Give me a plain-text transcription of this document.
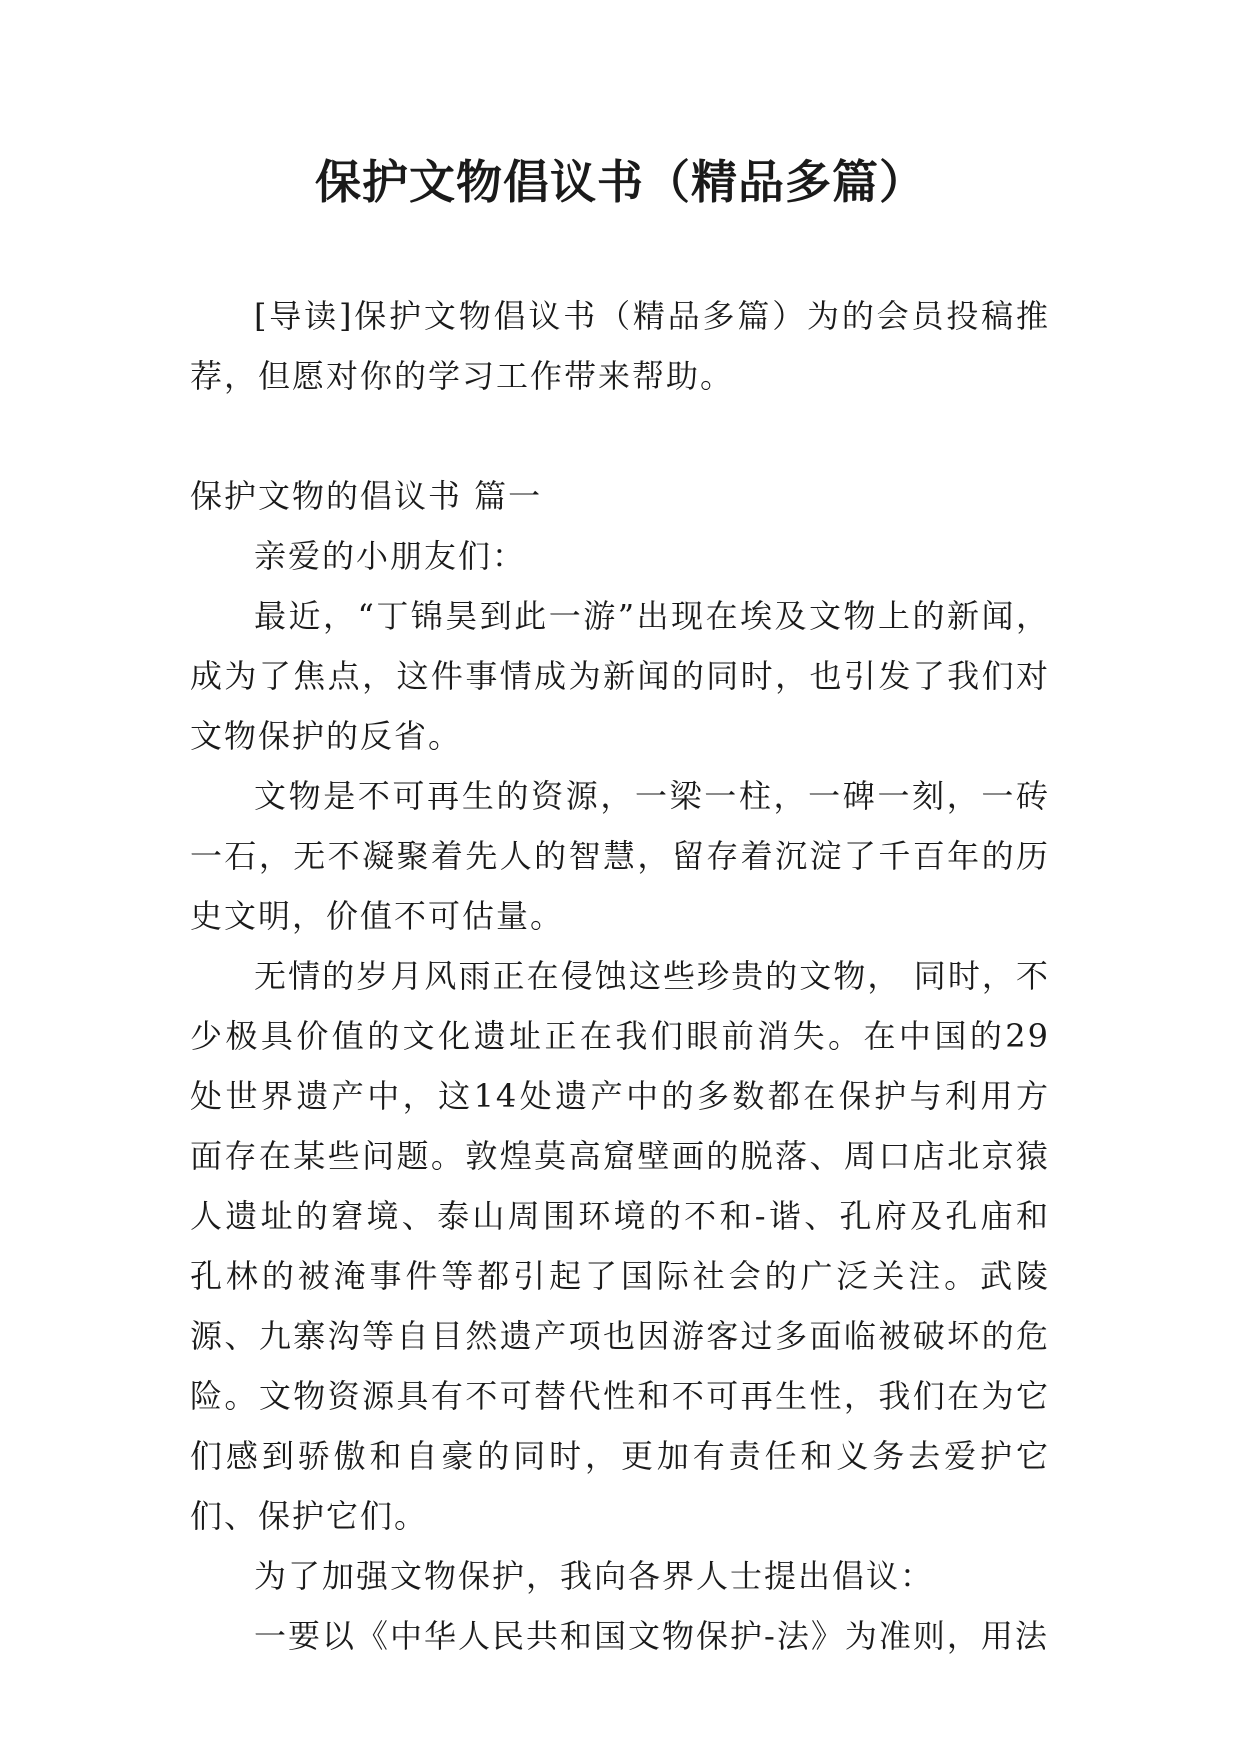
保护文物倡议书（精品多篇）

[导读]保护文物倡议书（精品多篇）为的会员投稿推荐，但愿对你的学习工作带来帮助。

保护文物的倡议书 篇一

亲爱的小朋友们：

最近，“丁锦昊到此一游”出现在埃及文物上的新闻，成为了焦点，这件事情成为新闻的同时，也引发了我们对文物保护的反省。

文物是不可再生的资源，一梁一柱，一碑一刻，一砖一石，无不凝聚着先人的智慧，留存着沉淀了千百年的历史文明，价值不可估量。

无情的岁月风雨正在侵蚀这些珍贵的文物， 同时，不少极具价值的文化遗址正在我们眼前消失。在中国的29处世界遗产中，这14处遗产中的多数都在保护与利用方面存在某些问题。敦煌莫高窟壁画的脱落、周口店北京猿人遗址的窘境、泰山周围环境的不和-谐、孔府及孔庙和孔林的被淹事件等都引起了国际社会的广泛关注。武陵源、九寨沟等自目然遗产项也因游客过多面临被破坏的危险。文物资源具有不可替代性和不可再生性，我们在为它们感到骄傲和自豪的同时，更加有责任和义务去爱护它们、保护它们。

为了加强文物保护，我向各界人士提出倡议：

一要以《中华人民共和国文物保护-法》为准则，用法
